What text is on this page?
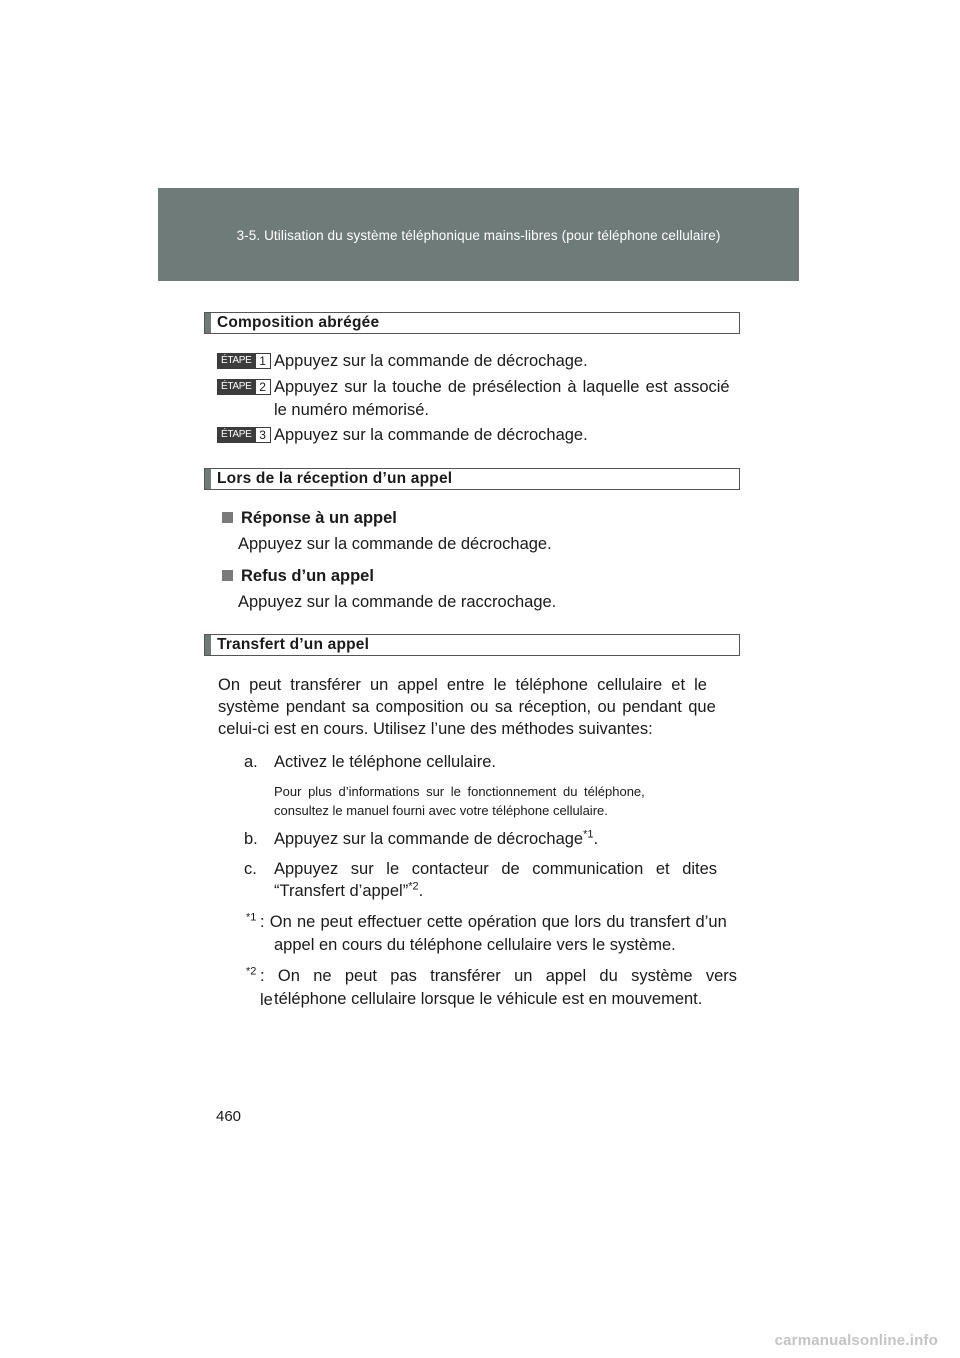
3-5. Utilisation du système téléphonique mains-libres (pour téléphone cellulaire)
Composition abrégée
ÉTAPE 1 Appuyez sur la commande de décrochage.
ÉTAPE 2 Appuyez sur la touche de présélection à laquelle est associé
le numéro mémorisé.
ÉTAPE 3 Appuyez sur la commande de décrochage.
Lors de la réception d’un appel
Réponse à un appel
Appuyez sur la commande de décrochage.
Refus d’un appel
Appuyez sur la commande de raccrochage.
Transfert d’un appel
On peut transférer un appel entre le téléphone cellulaire et le
système pendant sa composition ou sa réception, ou pendant que
celui-ci est en cours. Utilisez l’une des méthodes suivantes:
a. Activez le téléphone cellulaire.
Pour plus d’informations sur le fonctionnement du téléphone,
consultez le manuel fourni avec votre téléphone cellulaire.
b. Appuyez sur la commande de décrochage$^{*1}$.
c. Appuyez sur le contacteur de communication et dites
“Transfert d’appel”$^{*2}$.
$^{*1}$ : On ne peut effectuer cette opération que lors du transfert d’un
appel en cours du téléphone cellulaire vers le système.
$^{*2}$ : On ne peut pas transférer un appel du système vers le téléphone cellulaire lorsque le véhicule est en mouvement.
460
carmanualsonline.info
